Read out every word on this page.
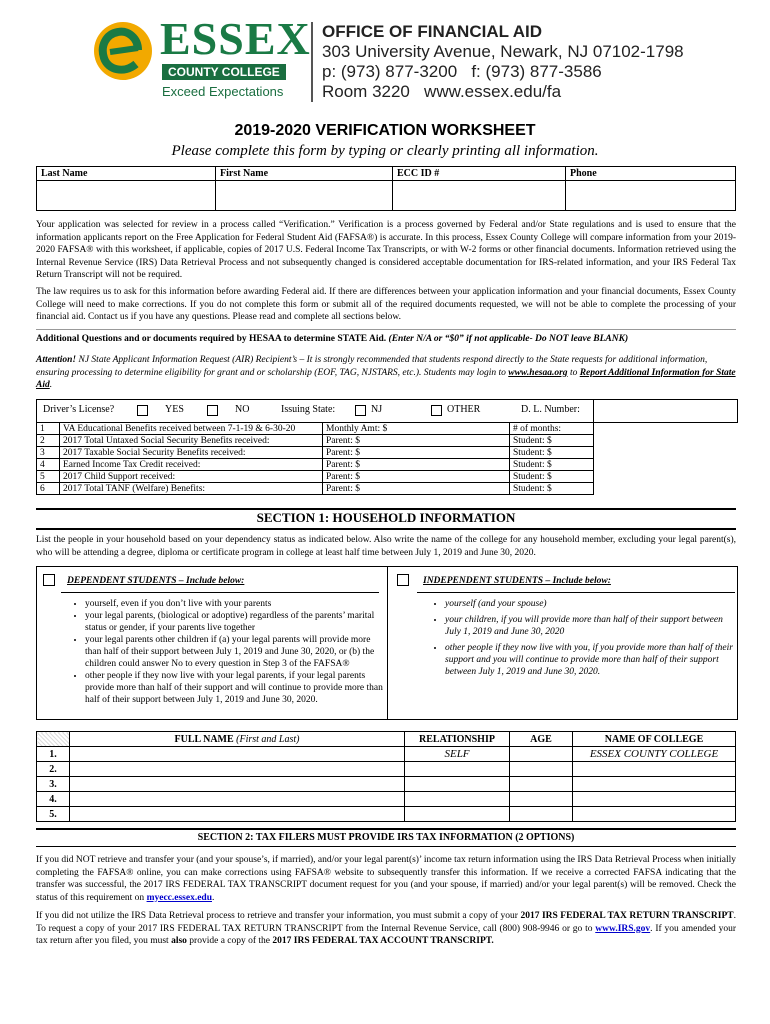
ESSEX
COUNTY COLLEGE
Exceed Expectations
OFFICE OF FINANCIAL AID
303 University Avenue, Newark, NJ 07102-1798
p: (973) 877-3200   f: (973) 877-3586
Room 3220   www.essex.edu/fa
2019-2020 VERIFICATION WORKSHEET
Please complete this form by typing or clearly printing all information.
Last Name	First Name	ECC ID #	Phone

Your application was selected for review in a process called “Verification.” Verification is a process governed by Federal and/or State regulations and is used to ensure that the information applicants report on the Free Application for Federal Student Aid (FAFSA®) is accurate. In this process, Essex County College will compare information from your 2019-2020 FAFSA® with this worksheet, if applicable, copies of 2017 U.S. Federal Income Tax Transcripts, or with W-2 forms or other financial documents. Information retrieved using the Internal Revenue Service (IRS) Data Retrieval Process and not subsequently changed is considered acceptable documentation for IRS-related information, and your IRS Federal Tax Return Transcript will not be required.
The law requires us to ask for this information before awarding Federal aid. If there are differences between your application information and your financial documents, Essex County College will need to make corrections. If you do not complete this form or submit all of the required documents requested, we will not be able to complete the processing of your financial aid. Contact us if you have any questions. Please read and complete all sections below.
Additional Questions and or documents required by HESAA to determine STATE Aid. (Enter N/A or “$0” if not applicable- Do NOT leave BLANK)
Attention! NJ State Applicant Information Request (AIR) Recipient’s – It is strongly recommended that students respond directly to the State requests for additional information, ensuring processing to determine eligibility for grant and or scholarship (EOF, TAG, NJSTARS, etc.). Students may login to www.hesaa.org to Report Additional Information for State Aid.
Driver’s License?	YES	NO	Issuing State:	NJ	OTHER	D. L. Number:
1	VA Educational Benefits received between 7-1-19 & 6-30-20	Monthly Amt: $	# of months:
2	2017 Total Untaxed Social Security Benefits received:	Parent: $	Student: $
3	2017 Taxable Social Security Benefits received:	Parent: $	Student: $
4	Earned Income Tax Credit received:	Parent: $	Student: $
5	2017 Child Support received:	Parent: $	Student: $
6	2017 Total TANF (Welfare) Benefits:	Parent: $	Student: $
SECTION 1: HOUSEHOLD INFORMATION
List the people in your household based on your dependency status as indicated below. Also write the name of the college for any household member, excluding your legal parent(s), who will be attending a degree, diploma or certificate program in college at least half time between July 1, 2019 and June 30, 2020.
DEPENDENT STUDENTS – Include below:
• yourself, even if you don’t live with your parents
• your legal parents, (biological or adoptive) regardless of the parents’ marital status or gender, if your parents live together
• your legal parents other children if (a) your legal parents will provide more than half of their support between July 1, 2019 and June 30, 2020, or (b) the children could answer No to every question in Step 3 of the FAFSA®
• other people if they now live with your legal parents, if your legal parents provide more than half of their support and will continue to provide more than half of their support between July 1, 2019 and June 30, 2020.
INDEPENDENT STUDENTS – Include below:
• yourself (and your spouse)
• your children, if you will provide more than half of their support between July 1, 2019 and June 30, 2020
• other people if they now live with you, if you provide more than half of their support and you will continue to provide more than half of their support between July 1, 2019 and June 30, 2020.
	FULL NAME (First and Last)	RELATIONSHIP	AGE	NAME OF COLLEGE
1.		SELF		ESSEX COUNTY COLLEGE
2.				
3.				
4.				
5.				

SECTION 2: TAX FILERS MUST PROVIDE IRS TAX INFORMATION (2 OPTIONS)
If you did NOT retrieve and transfer your (and your spouse’s, if married), and/or your legal parent(s)’ income tax return information using the IRS Data Retrieval Process when initially completing the FAFSA® online, you can make corrections using FAFSA® website to subsequently transfer this information. If we receive a corrected FAFSA indicating that the transfer was successful, the 2017 IRS FEDERAL TAX TRANSCRIPT document request for you (and your spouse, if married) and/or your legal parent(s) will be removed. Check the status of this requirement on myecc.essex.edu.
If you did not utilize the IRS Data Retrieval process to retrieve and transfer your information, you must submit a copy of your 2017 IRS FEDERAL TAX RETURN TRANSCRIPT. To request a copy of your 2017 IRS FEDERAL TAX RETURN TRANSCRIPT from the Internal Revenue Service, call (800) 908-9946 or go to www.IRS.gov. If you amended your tax return after you filed, you must also provide a copy of the 2017 IRS FEDERAL TAX ACCOUNT TRANSCRIPT.
